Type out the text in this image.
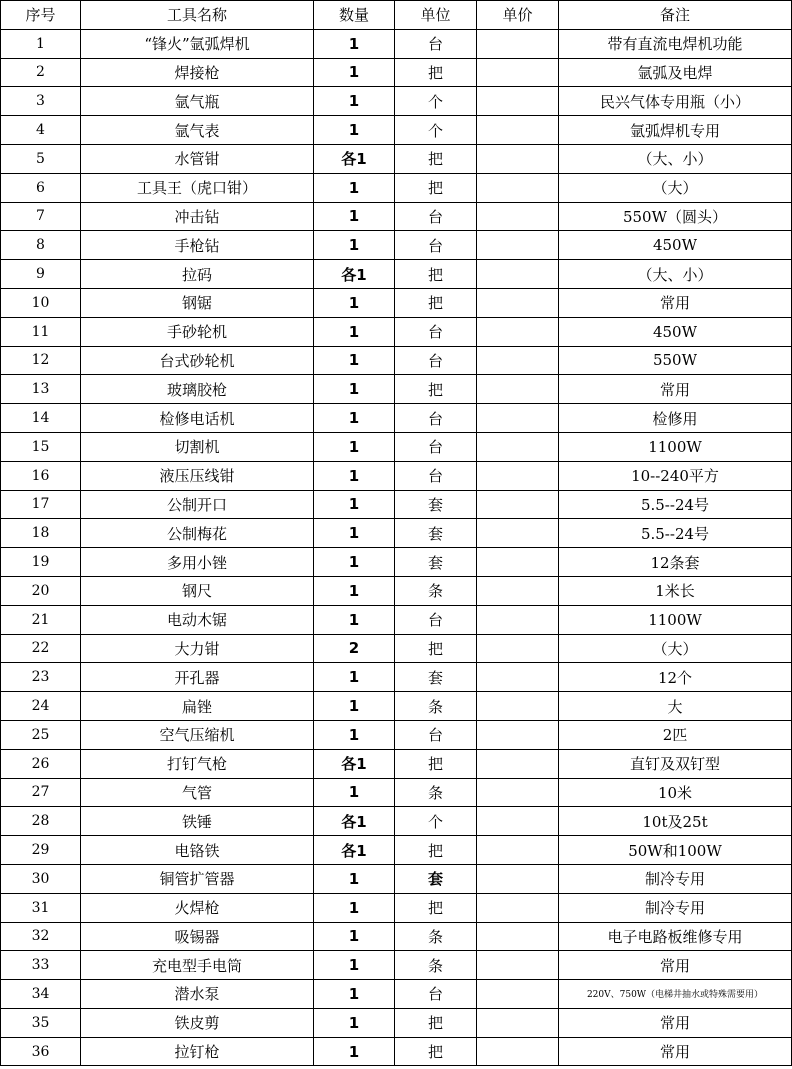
序号	工具名称	数量	单位	单价	备注
1	“锋火”氩弧焊机	1	台		带有直流电焊机功能
2	焊接枪	1	把		氩弧及电焊
3	氩气瓶	1	个		民兴气体专用瓶（小）
4	氩气表	1	个		氩弧焊机专用
5	水管钳	各1	把		（大、小）
6	工具王（虎口钳）	1	把		（大）
7	冲击钻	1	台		550W（圆头）
8	手枪钻	1	台		450W
9	拉码	各1	把		（大、小）
10	钢锯	1	把		常用
11	手砂轮机	1	台		450W
12	台式砂轮机	1	台		550W
13	玻璃胶枪	1	把		常用
14	检修电话机	1	台		检修用
15	切割机	1	台		1100W
16	液压压线钳	1	台		10--240平方
17	公制开口	1	套		5.5--24号
18	公制梅花	1	套		5.5--24号
19	多用小锉	1	套		12条套
20	钢尺	1	条		1米长
21	电动木锯	1	台		1100W
22	大力钳	2	把		（大）
23	开孔器	1	套		12个
24	扁锉	1	条		大
25	空气压缩机	1	台		2匹
26	打钉气枪	各1	把		直钉及双钉型
27	气管	1	条		10米
28	铁锤	各1	个		10t及25t
29	电铬铁	各1	把		50W和100W
30	铜管扩管器	1	套		制冷专用
31	火焊枪	1	把		制冷专用
32	吸锡器	1	条		电子电路板维修专用
33	充电型手电筒	1	条		常用
34	潜水泵	1	台		220V、750W（电梯井抽水或特殊需要用）
35	铁皮剪	1	把		常用
36	拉钉枪	1	把		常用
